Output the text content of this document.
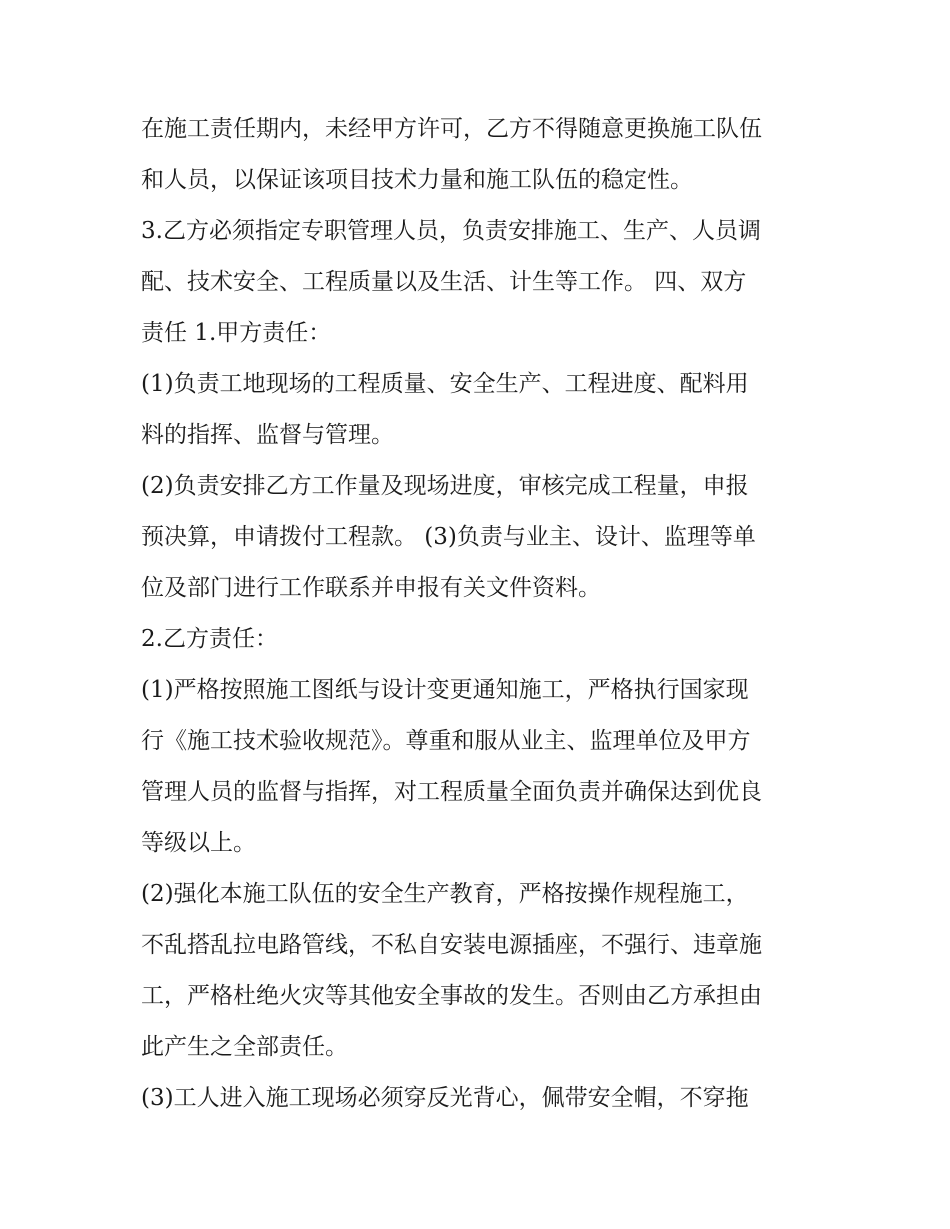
在施工责任期内，未经甲方许可，乙方不得随意更换施工队伍
和人员，以保证该项目技术力量和施工队伍的稳定性。
3.乙方必须指定专职管理人员，负责安排施工、生产、人员调
配、技术安全、工程质量以及生活、计生等工作。 四、双方
责任 1.甲方责任：
(1)负责工地现场的工程质量、安全生产、工程进度、配料用
料的指挥、监督与管理。
(2)负责安排乙方工作量及现场进度，审核完成工程量，申报
预决算，申请拨付工程款。 (3)负责与业主、设计、监理等单
位及部门进行工作联系并申报有关文件资料。
2.乙方责任：
(1)严格按照施工图纸与设计变更通知施工，严格执行国家现
行《施工技术验收规范》。尊重和服从业主、监理单位及甲方
管理人员的监督与指挥，对工程质量全面负责并确保达到优良
等级以上。
(2)强化本施工队伍的安全生产教育，严格按操作规程施工，
不乱搭乱拉电路管线，不私自安装电源插座，不强行、违章施
工，严格杜绝火灾等其他安全事故的发生。否则由乙方承担由
此产生之全部责任。
(3)工人进入施工现场必须穿反光背心，佩带安全帽，不穿拖
